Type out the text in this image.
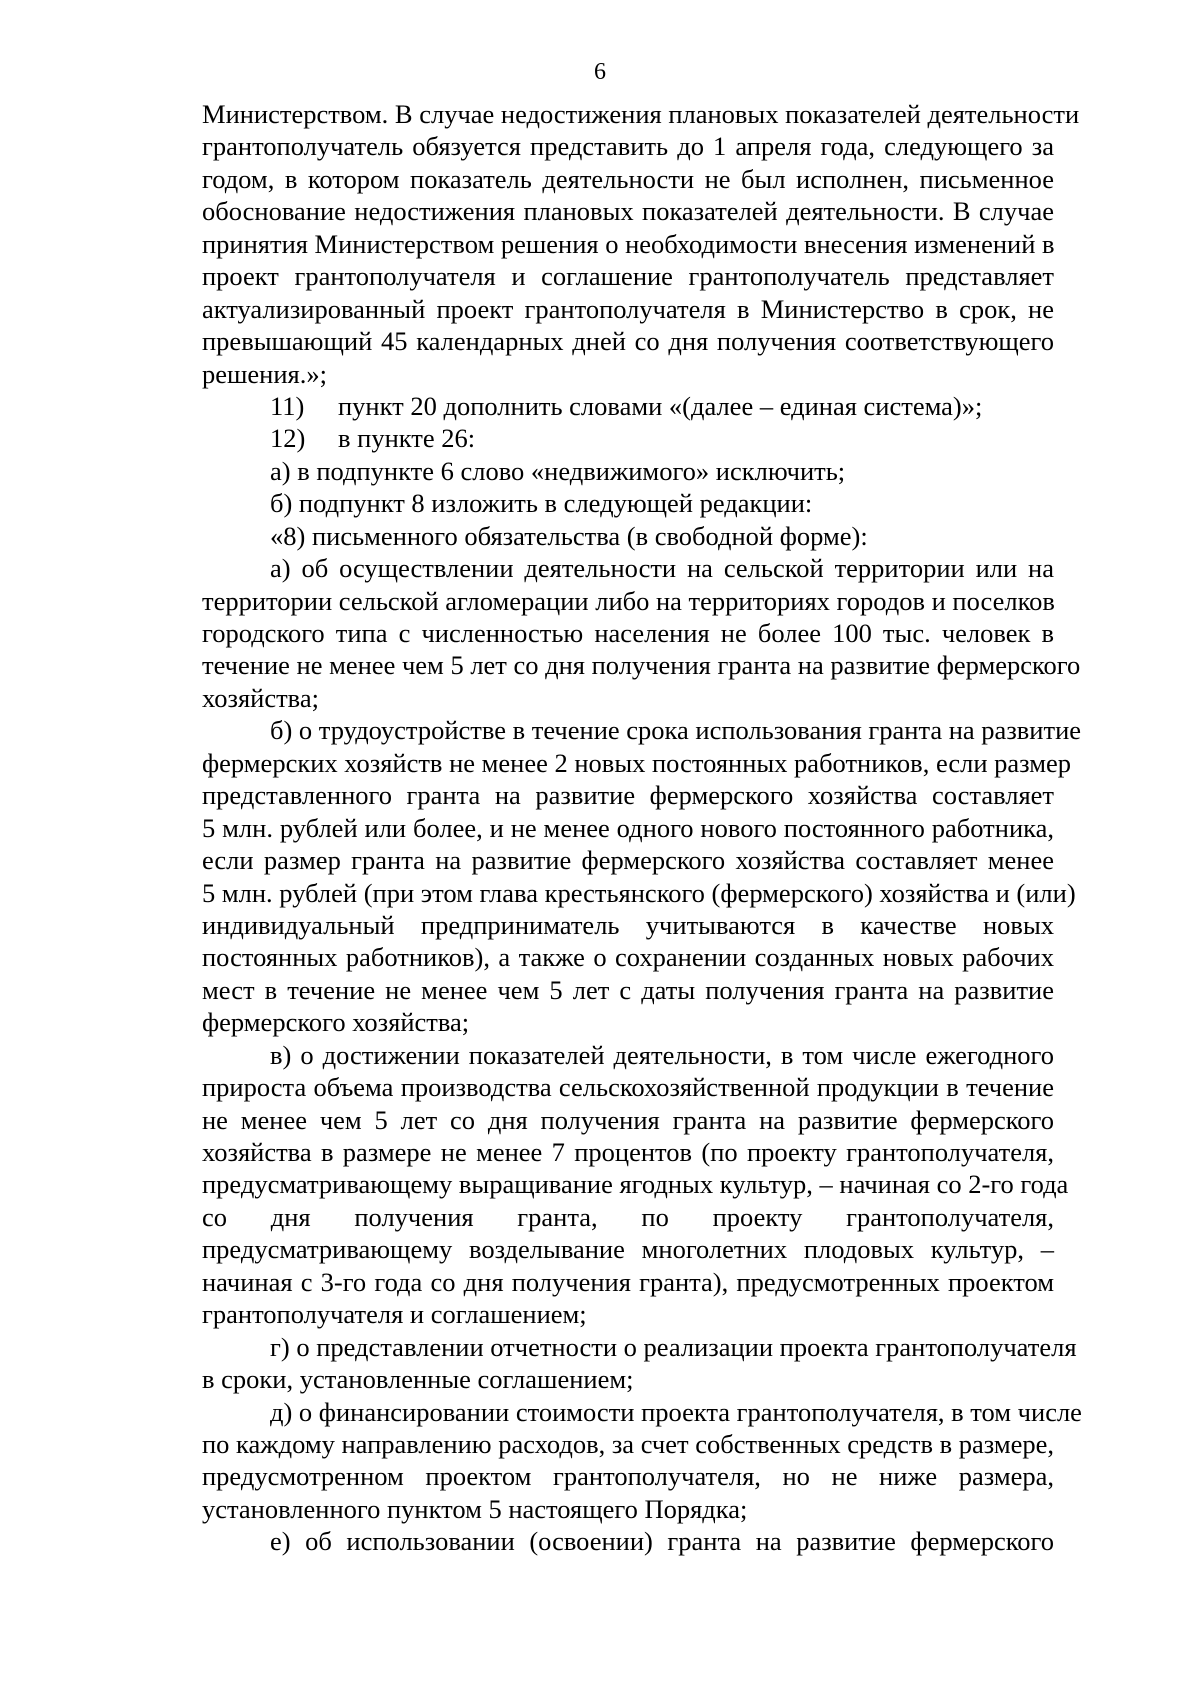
6
Министерством. В случае недостижения плановых показателей деятельности
грантополучатель обязуется представить до 1 апреля года, следующего за
годом, в котором показатель деятельности не был исполнен, письменное
обоснование недостижения плановых показателей деятельности. В случае
принятия Министерством решения о необходимости внесения изменений в
проект грантополучателя и соглашение грантополучатель представляет
актуализированный проект грантополучателя в Министерство в срок, не
превышающий 45 календарных дней со дня получения соответствующего
решения.»;
11) пункт 20 дополнить словами «(далее – единая система)»;
12) в пункте 26:
а) в подпункте 6 слово «недвижимого» исключить;
б) подпункт 8 изложить в следующей редакции:
«8) письменного обязательства (в свободной форме):
а) об осуществлении деятельности на сельской территории или на
территории сельской агломерации либо на территориях городов и поселков
городского типа с численностью населения не более 100 тыс. человек в
течение не менее чем 5 лет со дня получения гранта на развитие фермерского
хозяйства;
б) о трудоустройстве в течение срока использования гранта на развитие
фермерских хозяйств не менее 2 новых постоянных работников, если размер
представленного гранта на развитие фермерского хозяйства составляет
5 млн. рублей или более, и не менее одного нового постоянного работника,
если размер гранта на развитие фермерского хозяйства составляет менее
5 млн. рублей (при этом глава крестьянского (фермерского) хозяйства и (или)
индивидуальный предприниматель учитываются в качестве новых
постоянных работников), а также о сохранении созданных новых рабочих
мест в течение не менее чем 5 лет с даты получения гранта на развитие
фермерского хозяйства;
в) о достижении показателей деятельности, в том числе ежегодного
прироста объема производства сельскохозяйственной продукции в течение
не менее чем 5 лет со дня получения гранта на развитие фермерского
хозяйства в размере не менее 7 процентов (по проекту грантополучателя,
предусматривающему выращивание ягодных культур, – начиная со 2-го года
со дня получения гранта, по проекту грантополучателя,
предусматривающему возделывание многолетних плодовых культур, –
начиная с 3-го года со дня получения гранта), предусмотренных проектом
грантополучателя и соглашением;
г) о представлении отчетности о реализации проекта грантополучателя
в сроки, установленные соглашением;
д) о финансировании стоимости проекта грантополучателя, в том числе
по каждому направлению расходов, за счет собственных средств в размере,
предусмотренном проектом грантополучателя, но не ниже размера,
установленного пунктом 5 настоящего Порядка;
е) об использовании (освоении) гранта на развитие фермерского
